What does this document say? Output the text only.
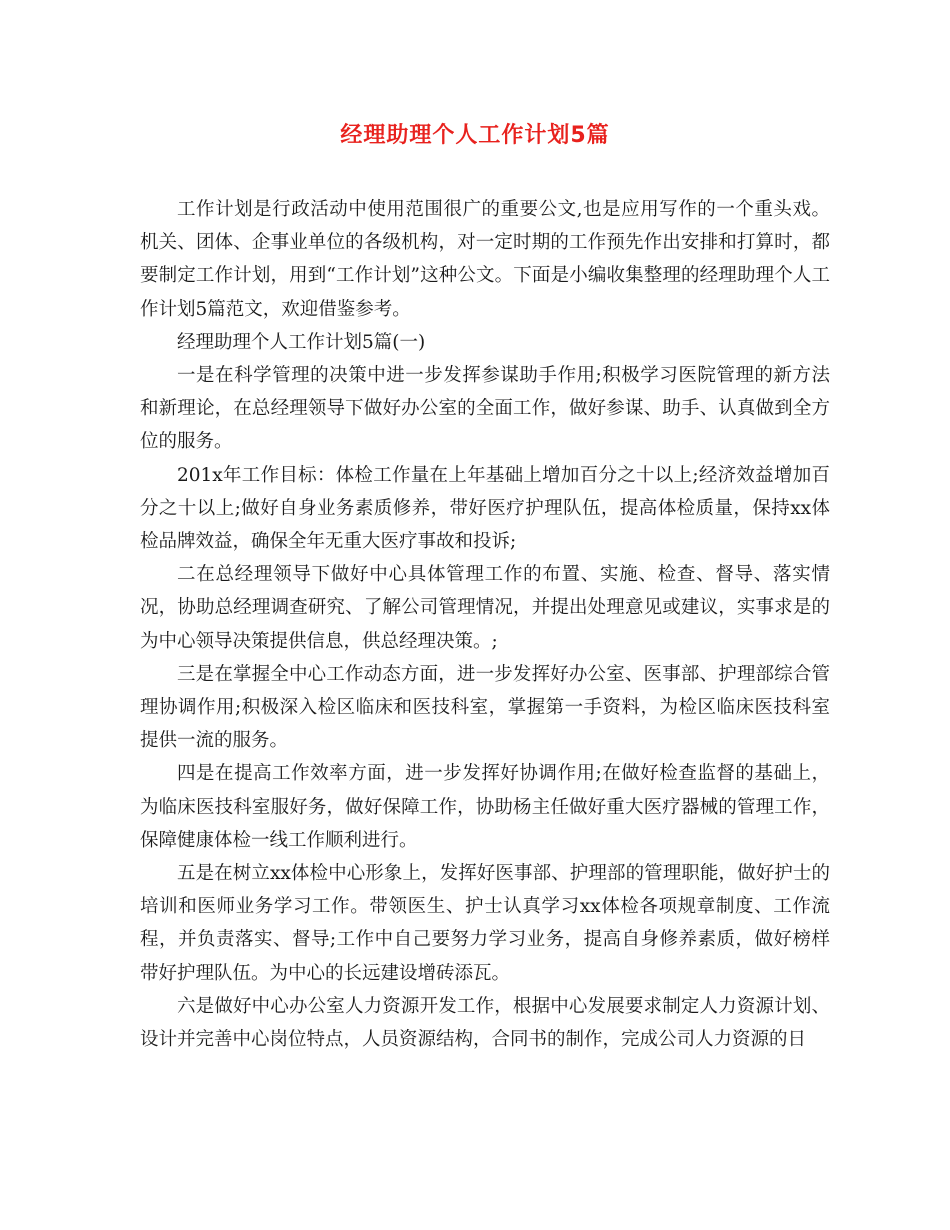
经理助理个人工作计划5篇

工作计划是行政活动中使用范围很广的重要公文,也是应用写作的一个重头戏。机关、团体、企事业单位的各级机构，对一定时期的工作预先作出安排和打算时，都要制定工作计划，用到“工作计划”这种公文。下面是小编收集整理的经理助理个人工作计划5篇范文，欢迎借鉴参考。

经理助理个人工作计划5篇(一)

一是在科学管理的决策中进一步发挥参谋助手作用;积极学习医院管理的新方法和新理论，在总经理领导下做好办公室的全面工作，做好参谋、助手、认真做到全方位的服务。

201x年工作目标：体检工作量在上年基础上增加百分之十以上;经济效益增加百分之十以上;做好自身业务素质修养，带好医疗护理队伍，提高体检质量，保持xx体检品牌效益，确保全年无重大医疗事故和投诉;

二在总经理领导下做好中心具体管理工作的布置、实施、检查、督导、落实情况，协助总经理调查研究、了解公司管理情况，并提出处理意见或建议，实事求是的为中心领导决策提供信息，供总经理决策。;

三是在掌握全中心工作动态方面，进一步发挥好办公室、医事部、护理部综合管理协调作用;积极深入检区临床和医技科室，掌握第一手资料，为检区临床医技科室提供一流的服务。

四是在提高工作效率方面，进一步发挥好协调作用;在做好检查监督的基础上，为临床医技科室服好务，做好保障工作，协助杨主任做好重大医疗器械的管理工作，保障健康体检一线工作顺利进行。

五是在树立xx体检中心形象上，发挥好医事部、护理部的管理职能，做好护士的培训和医师业务学习工作。带领医生、护士认真学习xx体检各项规章制度、工作流程，并负责落实、督导;工作中自己要努力学习业务，提高自身修养素质，做好榜样带好护理队伍。为中心的长远建设增砖添瓦。

六是做好中心办公室人力资源开发工作，根据中心发展要求制定人力资源计划、设计并完善中心岗位特点，人员资源结构，合同书的制作，完成公司人力资源的日
